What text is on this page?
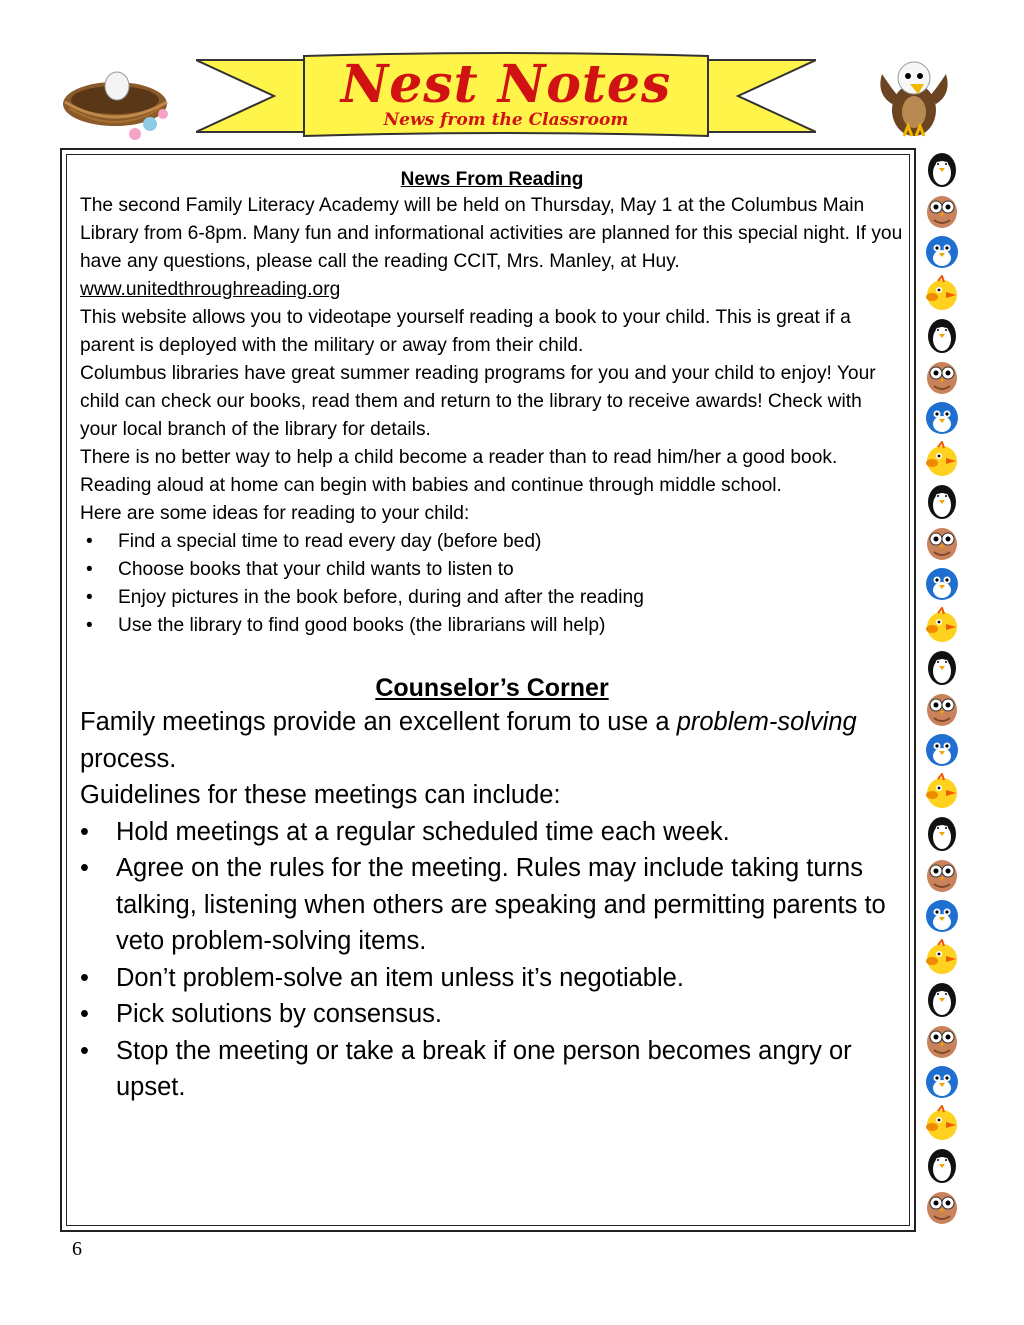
Nest Notes
News from the Classroom
News From Reading

The second Family Literacy Academy will be held on Thursday, May 1 at the Columbus Main Library from 6-8pm. Many fun and informational activities are planned for this special night. If you have any questions, please call the reading CCIT, Mrs. Manley, at Huy.

www.unitedthroughreading.org

This website allows you to videotape yourself reading a book to your child. This is great if a parent is deployed with the military or away from their child.

Columbus libraries have great summer reading programs for you and your child to enjoy! Your child can check our books, read them and return to the library to receive awards! Check with your local branch of the library for details.

There is no better way to help a child become a reader than to read him/her a good book. Reading aloud at home can begin with babies and continue through middle school.

Here are some ideas for reading to your child:

• Find a special time to read every day (before bed)
• Choose books that your child wants to listen to
• Enjoy pictures in the book before, during and after the reading
• Use the library to find good books (the librarians will help)
Counselor’s Corner

Family meetings provide an excellent forum to use a problem-solving process.

Guidelines for these meetings can include:

• Hold meetings at a regular scheduled time each week.
• Agree on the rules for the meeting. Rules may include taking turns talking, listening when others are speaking and permitting parents to veto problem-solving items.
• Don’t problem-solve an item unless it’s negotiable.
• Pick solutions by consensus.
• Stop the meeting or take a break if one person becomes angry or upset.
6
